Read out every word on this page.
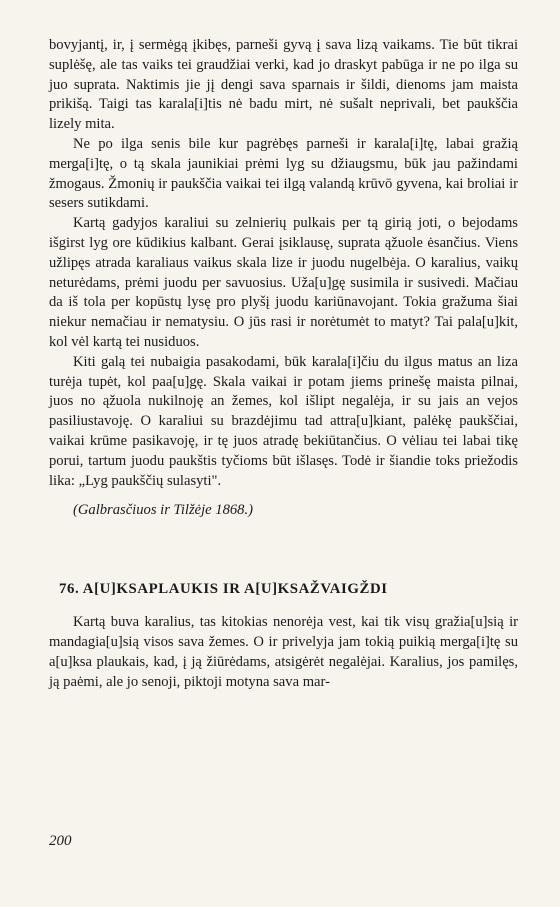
bovyjantį, ir, į sermėgą įkibęs, parneši gyvą į sava lizą vaikams. Tie būt tikrai suplėšę, ale tas vaiks tei graudžiai verki, kad jo draskyt pabūga ir ne po ilga su juo suprata. Naktimis jie jį dengi sava sparnais ir šildi, dienoms jam maista prikišą. Taigi tas karala[i]tis nė badu mirt, nė sušalt neprivali, bet paukščia lizely mita.

Ne po ilga senis bile kur pagrėbęs parneši ir karala[i]tę, labai gražią merga[i]tę, o tą skala jaunikiai prėmi lyg su džiaugsmu, būk jau pažindami žmogaus. Žmonių ir paukščia vaikai tei ilgą valandą krūvō gyvena, kai broliai ir sesers sutikdami.

Kartą gadyjos karaliui su zelnierių pulkais per tą girią joti, o bejodams išgirst lyg ore kūdikius kalbant. Gerai įsiklausę, suprata ąžuole ėsančius. Viens užlipęs atrada karaliaus vaikus skala lize ir juodu nugelbėja. O karalius, vaikų neturėdams, prėmi juodu per savuosius. Uža[u]gę susimila ir susivedi. Mačiau da iš tola per kopūstų lysę pro plyšį juodu kariūnavojant. Tokia gražuma šiai niekur nemačiau ir nematysiu. O jūs rasi ir norėtumėt to matyt? Tai pala[u]kit, kol vėl kartą tei nusiduos.

Kiti galą tei nubaigia pasakodami, būk karala[i]čiu du ilgus matus an liza turėja tupėt, kol paa[u]gę. Skala vaikai ir potam jiems prinešę maista pilnai, juos no ąžuola nukilnoję an žemes, kol išlipt negalėja, ir su jais an vejos pasiliustavoję. O karaliui su brazdėjimu tad attra[u]kiant, palėkę paukščiai, vaikai krūme pasikavoję, ir tę juos atradę bekiūtančius. O vėliau tei labai tikę porui, tartum juodu paukštis tyčioms būt išlasęs. Todė ir šiandie toks priežodis lika: „Lyg paukščių sulasyti".

(Galbrasčiuos ir Tilžėje 1868.)

76. A[U]KSAPLAUKIS IR A[U]KSAŽVAIGŽDI

Kartą buva karalius, tas kitokias nenorėja vest, kai tik visų gražia[u]sią ir mandagia[u]sią visos sava žemes. O ir privelyja jam tokią puikią merga[i]tę su a[u]ksa plaukais, kad, į ją žiūrėdams, atsigėrėt negalėjai. Karalius, jos pamilęs, ją paėmi, ale jo senoji, piktoji motyna sava mar-

200
